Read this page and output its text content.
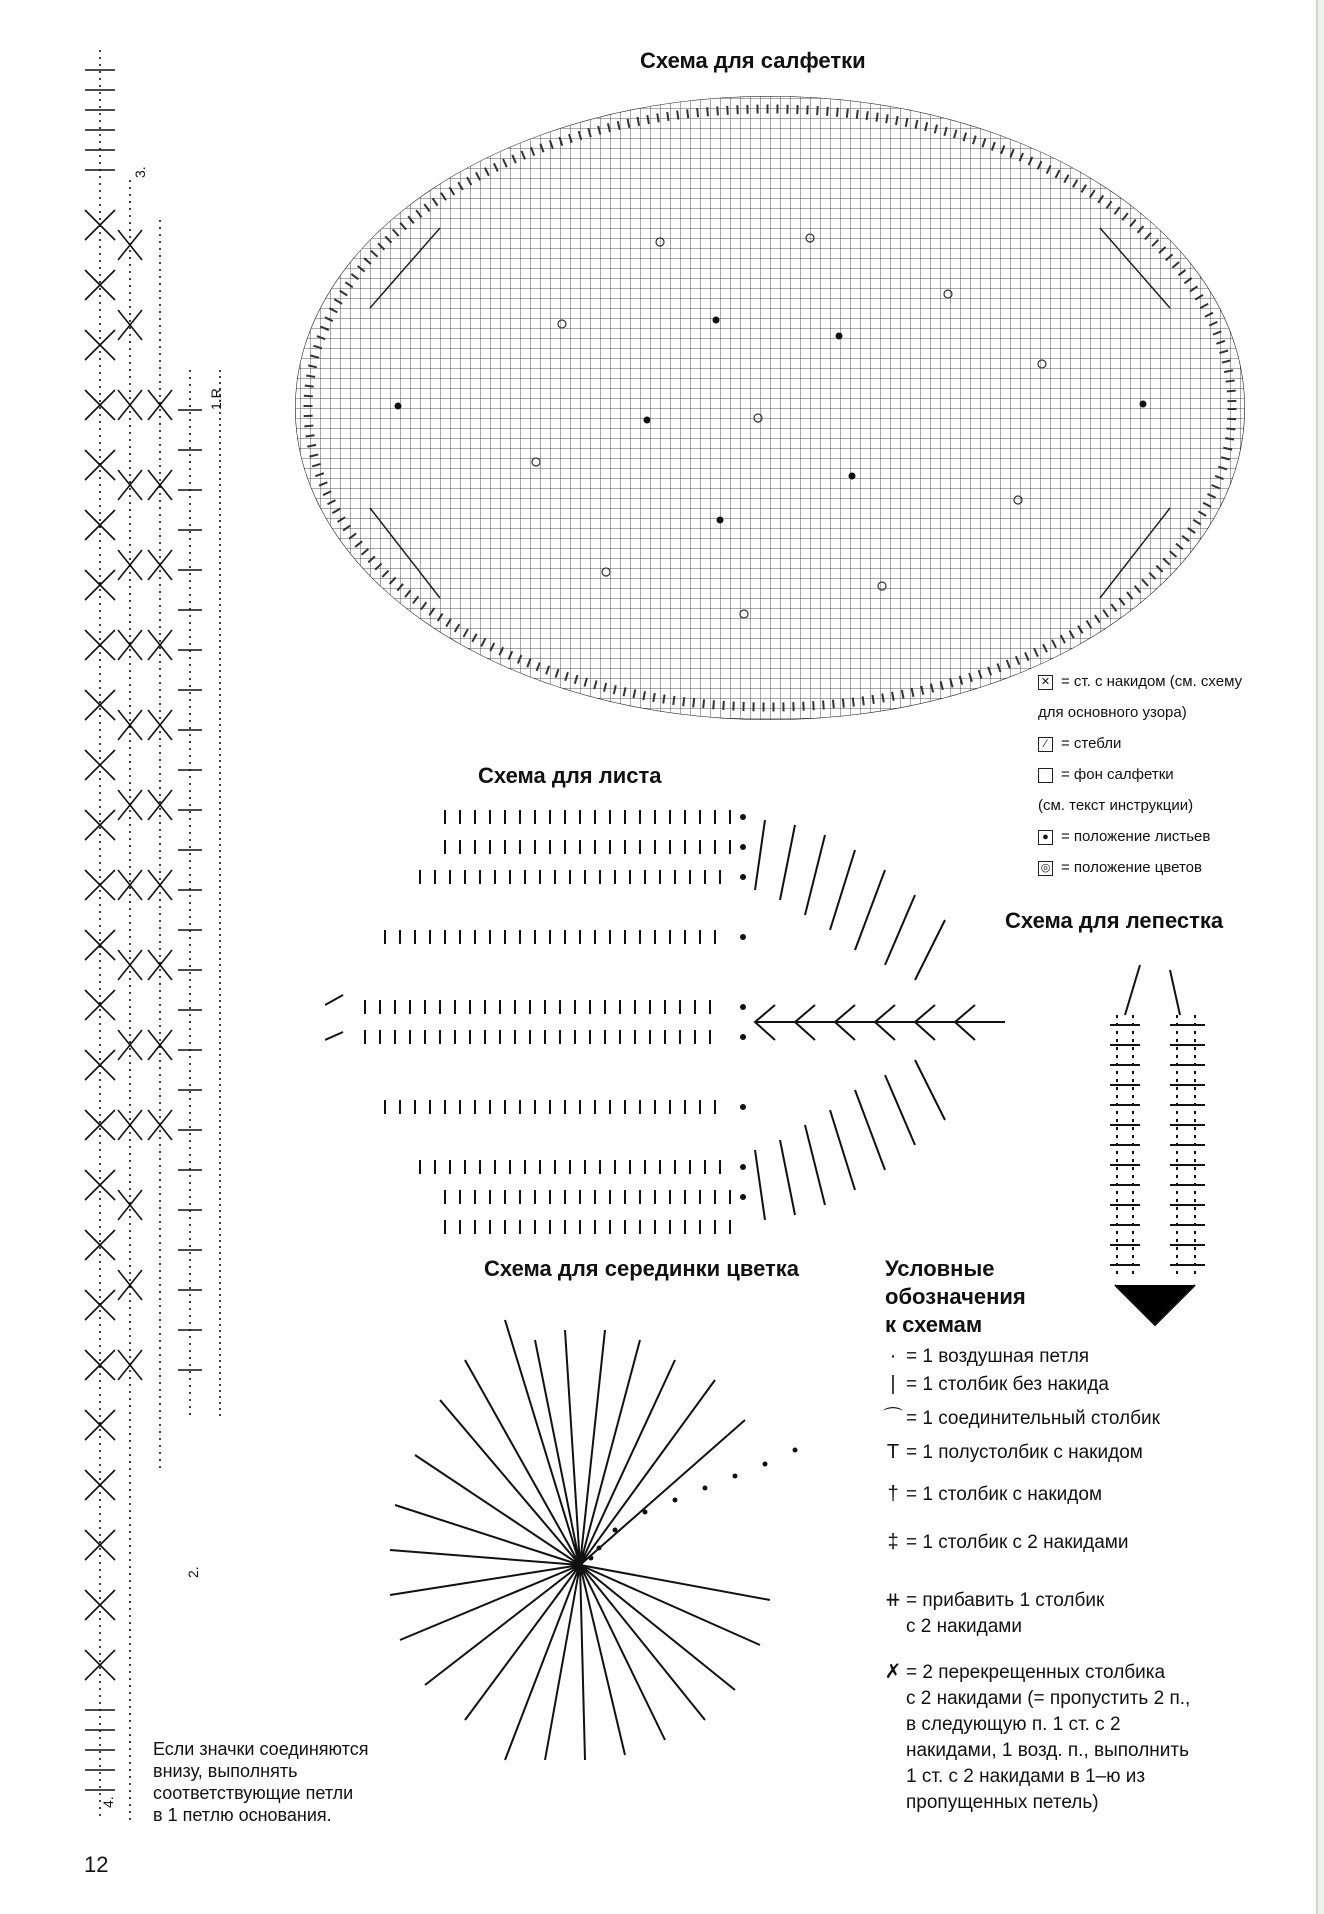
Схема для салфетки
Схема для листа
Схема для лепестка
Схема для серединки цветка	Условные
обозначения
к схемам
✕ = ст. с накидом (см. схему
для основного узора)
∕ = стебли
= фон салфетки
(см. текст инструкции)
● = положение листьев
◎ = положение цветов
· = 1 воздушная петля
| = 1 столбик без накида
⌒ = 1 соединительный столбик
T = 1 полустолбик с накидом
† = 1 столбик с накидом
‡ = 1 столбик с 2 накидами
⧺ = прибавить 1 столбик
с 2 накидами
✗ = 2 перекрещенных столбика
с 2 накидами (= пропустить 2 п.,
в следующую п. 1 ст. с 2
накидами, 1 возд. п., выполнить
1 ст. с 2 накидами в 1–ю из
пропущенных петель)
3.
1.R
2.
4.
Если значки соединяются
внизу, выполнять
соответствующие петли
в 1 петлю основания.
12
